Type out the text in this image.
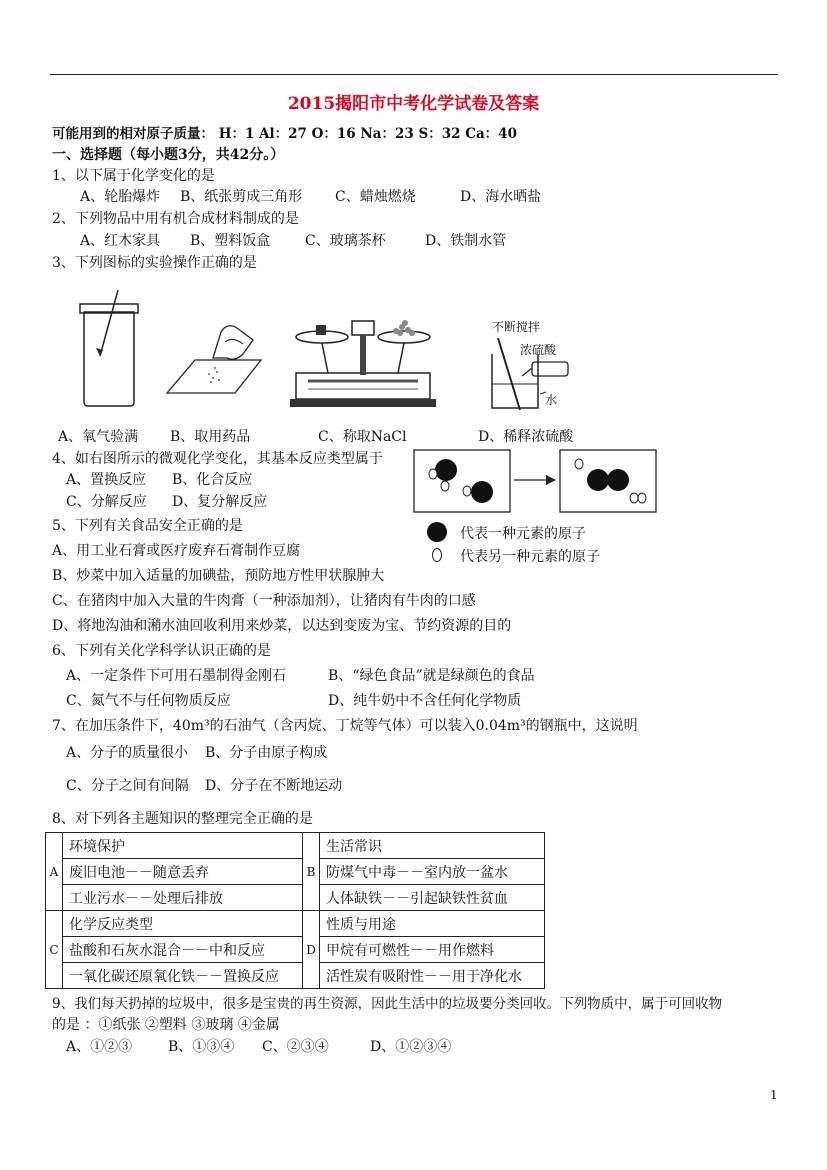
2015揭阳市中考化学试卷及答案
可能用到的相对原子质量： H：1 Al：27 O：16 Na：23 S：32 Ca：40
一、选择题（每小题3分，共42分。）
1、以下属于化学变化的是
A、轮胎爆炸 B、纸张剪成三角形 C、蜡烛燃烧	D、海水晒盐
2、下列物品中用有机合成材料制成的是
A、红木家具 B、塑料饭盒 C、玻璃茶杯	D、铁制水管
3、下列图标的实验操作正确的是
不断搅拌
浓硫酸
水
A、氧气验满 B、取用药品	C、称取NaCl	D、稀释浓硫酸
4、如右图所示的微观化学变化，其基本反应类型属于
A、置换反应 B、化合反应
C、分解反应 D、复分解反应
代表一种元素的原子
代表另一种元素的原子
5、下列有关食品安全正确的是
A、用工业石膏或医疗废弃石膏制作豆腐
B、炒菜中加入适量的加碘盐，预防地方性甲状腺肿大
C、在猪肉中加入大量的牛肉膏（一种添加剂），让猪肉有牛肉的口感
D、将地沟油和潲水油回收利用来炒菜，以达到变废为宝、节约资源的目的
6、下列有关化学科学认识正确的是
A、一定条件下可用石墨制得金刚石	B、“绿色食品”就是绿颜色的食品
C、氮气不与任何物质反应	D、纯牛奶中不含任何化学物质
7、在加压条件下，40m³的石油气（含丙烷、丁烷等气体）可以装入0.04m³的钢瓶中，这说明
A、分子的质量很小 B、分子由原子构成
C、分子之间有间隔 D、分子在不断地运动
8、对下列各主题知识的整理完全正确的是
A	环境保护	B	生活常识
	废旧电池－－随意丢弃		防煤气中毒－－室内放一盆水
	工业污水－－处理后排放		人体缺铁－－引起缺铁性贫血
C	化学反应类型	D	性质与用途
	盐酸和石灰水混合－－中和反应		甲烷有可燃性－－用作燃料
	一氧化碳还原氧化铁－－置换反应		活性炭有吸附性－－用于净化水
9、我们每天扔掉的垃圾中，很多是宝贵的再生资源，因此生活中的垃圾要分类回收。下列物质中，属于可回收物
的是 ：①纸张 ②塑料 ③玻璃 ④金属
A、①②③	B、①③④ C、②③④	D、①②③④
1
